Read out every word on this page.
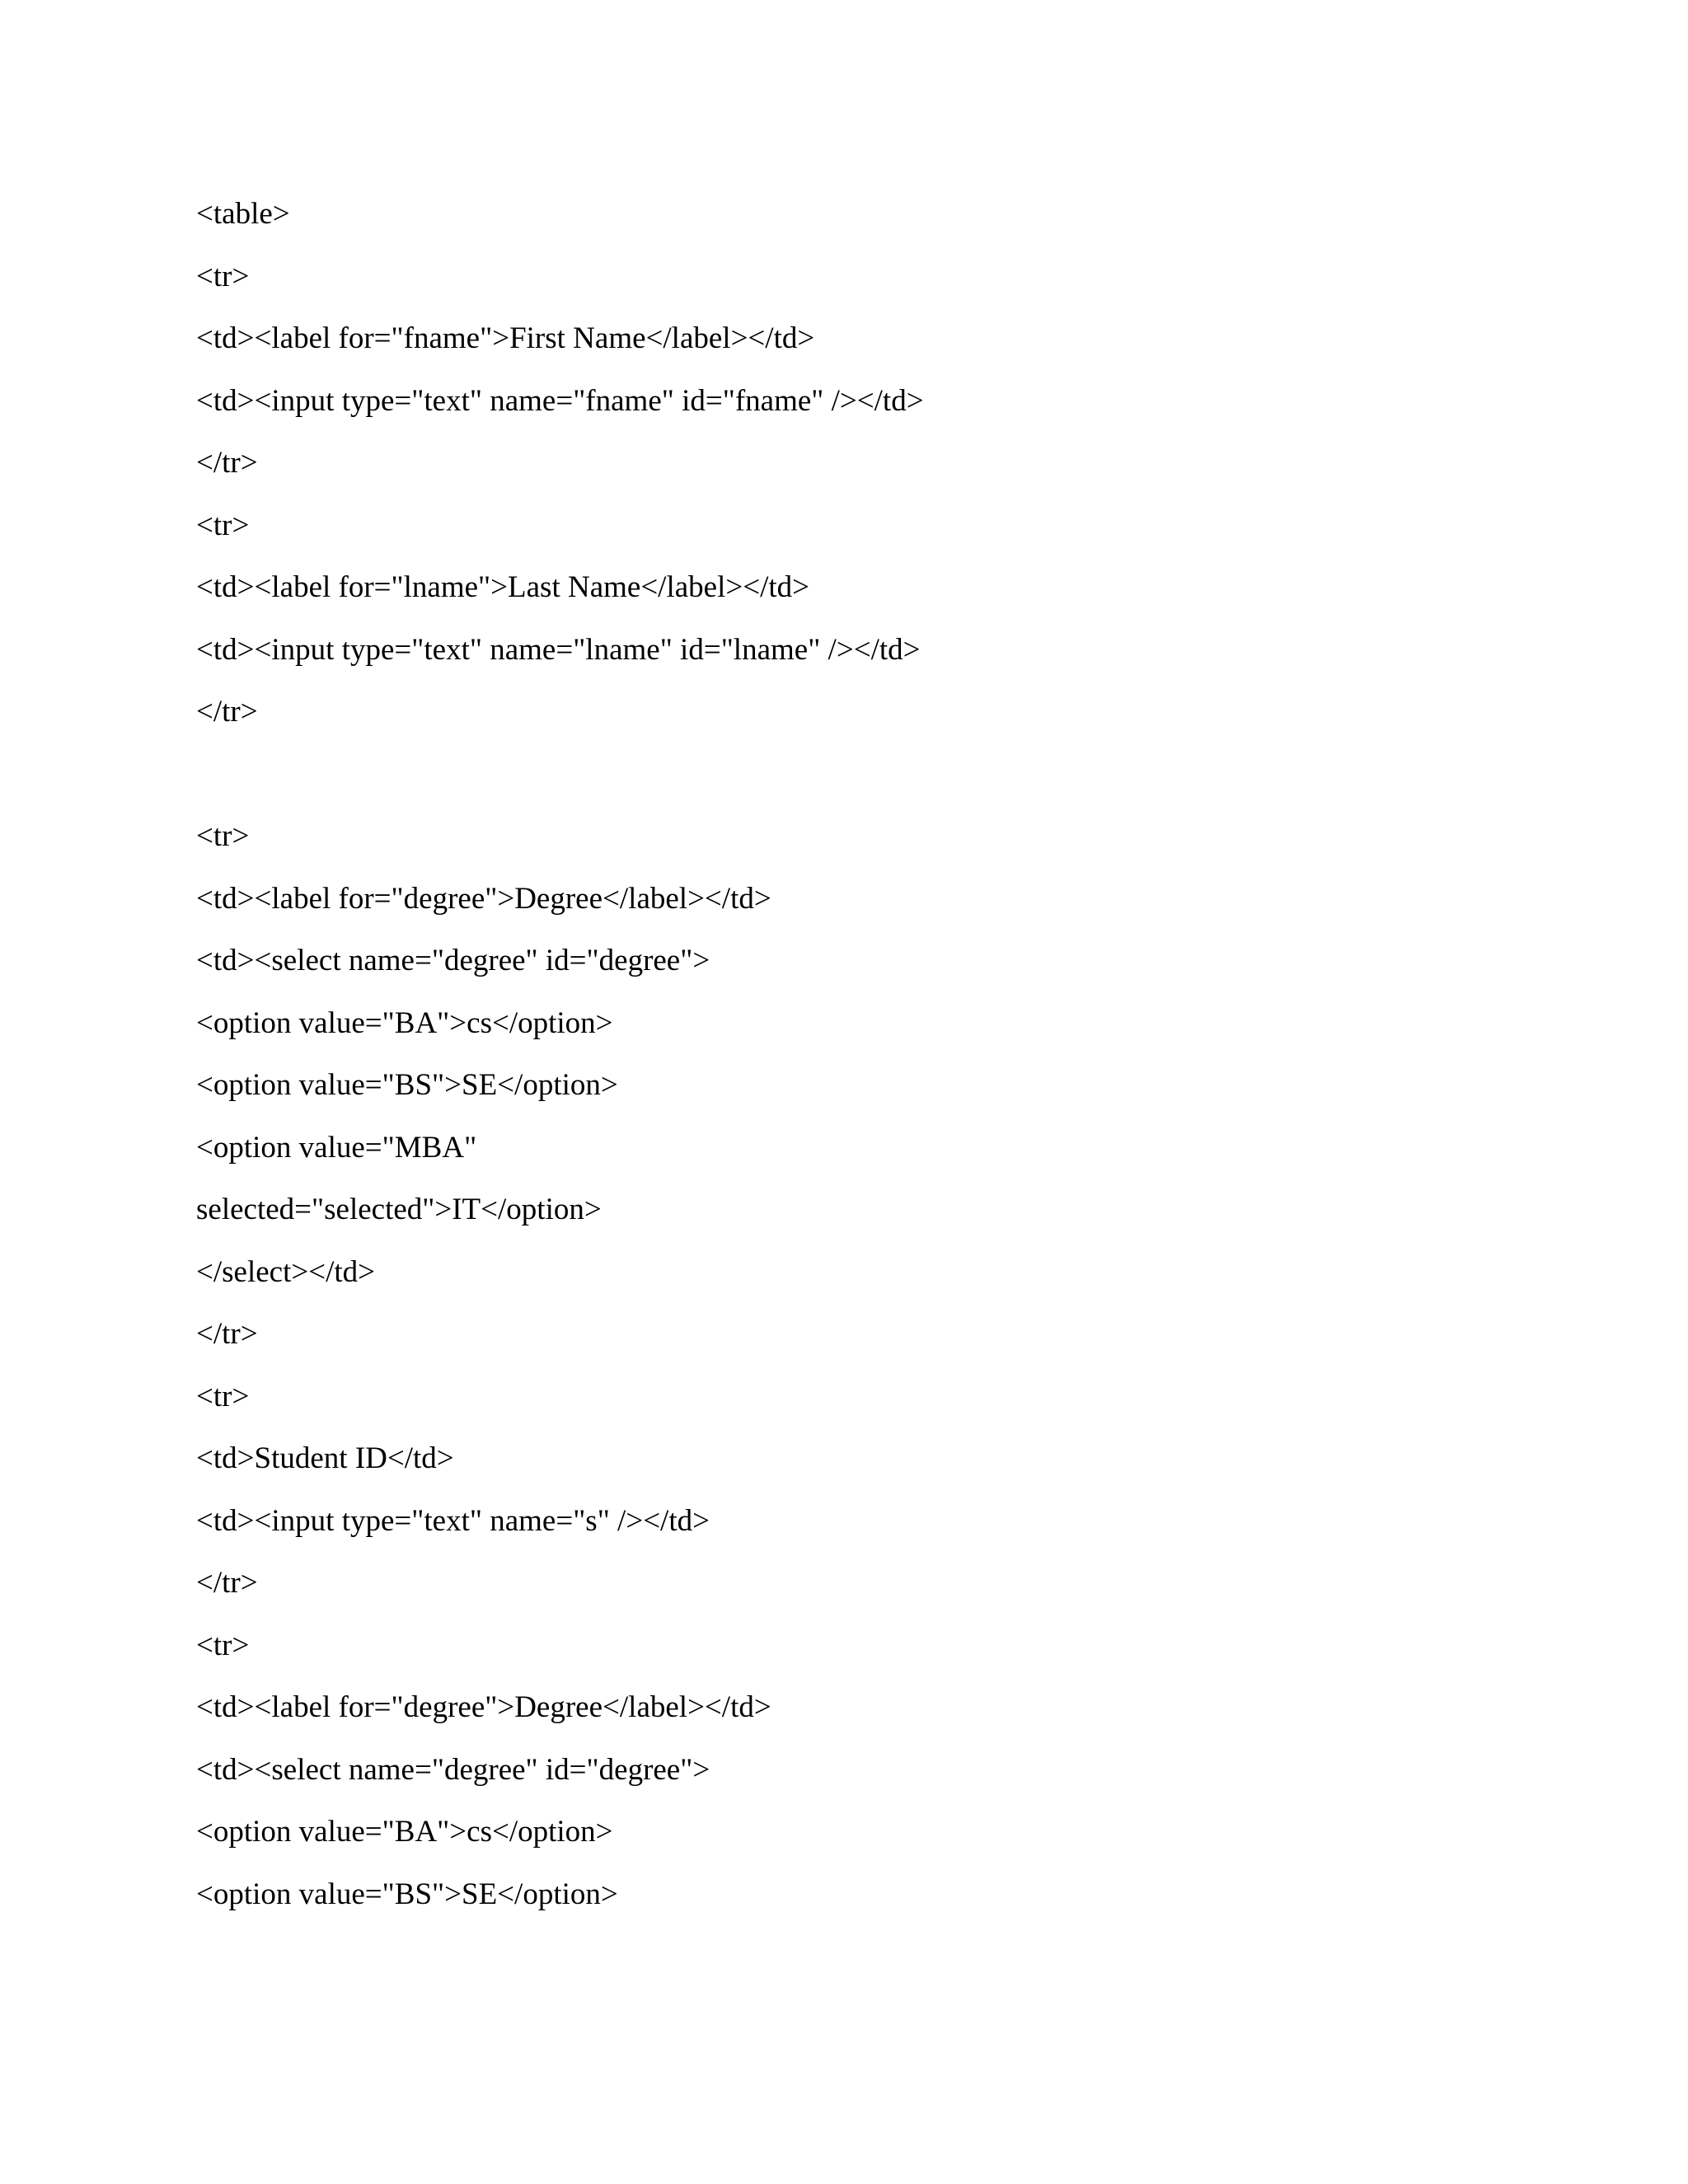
<table>
<tr>
<td><label for="fname">First Name</label></td>
<td><input type="text" name="fname" id="fname" /></td>
</tr>
<tr>
<td><label for="lname">Last Name</label></td>
<td><input type="text" name="lname" id="lname" /></td>
</tr>
<tr>
<td><label for="degree">Degree</label></td>
<td><select name="degree" id="degree">
<option value="BA">cs</option>
<option value="BS">SE</option>
<option value="MBA"
selected="selected">IT</option>
</select></td>
</tr>
<tr>
<td>Student ID</td>
<td><input type="text" name="s" /></td>
</tr>
<tr>
<td><label for="degree">Degree</label></td>
<td><select name="degree" id="degree">
<option value="BA">cs</option>
<option value="BS">SE</option>
